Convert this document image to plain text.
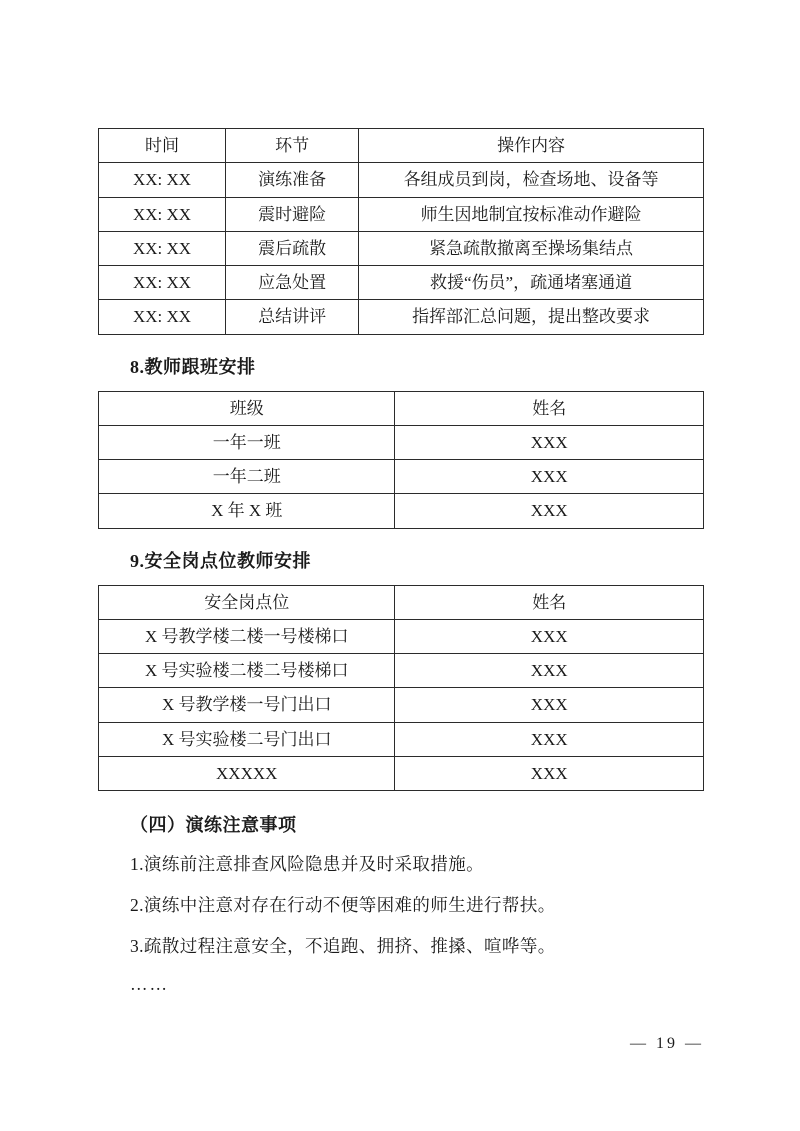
时间	环节	操作内容
XX: XX	演练准备	各组成员到岗，检查场地、设备等
XX: XX	震时避险	师生因地制宜按标准动作避险
XX: XX	震后疏散	紧急疏散撤离至操场集结点
XX: XX	应急处置	救援“伤员”，疏通堵塞通道
XX: XX	总结讲评	指挥部汇总问题，提出整改要求
8.教师跟班安排
班级	姓名
一年一班	XXX
一年二班	XXX
X 年 X 班	XXX
9.安全岗点位教师安排
安全岗点位	姓名
X 号教学楼二楼一号楼梯口	XXX
X 号实验楼二楼二号楼梯口	XXX
X 号教学楼一号门出口	XXX
X 号实验楼二号门出口	XXX
XXXXX	XXX
（四）演练注意事项
1.演练前注意排查风险隐患并及时采取措施。
2.演练中注意对存在行动不便等困难的师生进行帮扶。
3.疏散过程注意安全，不追跑、拥挤、推搡、喧哗等。
……
— 19 —
